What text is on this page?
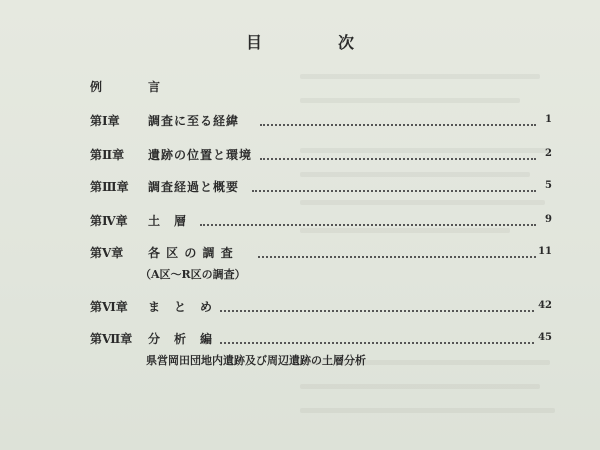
目　次
例	言
第Ⅰ章 調査に至る経緯	1
第Ⅱ章 遺跡の位置と環境	2
第Ⅲ章 調査経過と概要	5
第Ⅳ章 土　層	9
第Ⅴ章 各 区 の 調 査	11
（A区～R区の調査）
第Ⅵ章 ま　と　め	42
第Ⅶ章 分　析　編	45
県営岡田団地内遺跡及び周辺遺跡の土層分析
